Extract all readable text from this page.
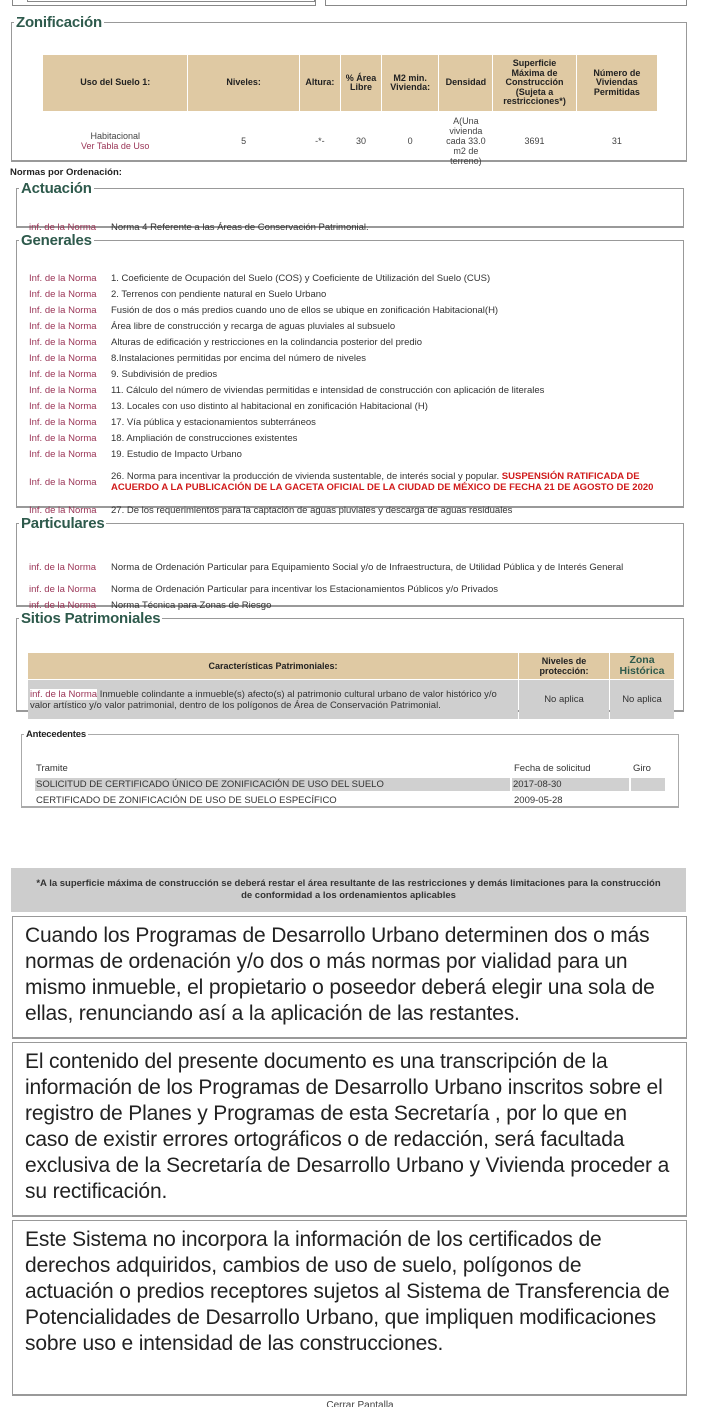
Zonificación
Uso del Suelo 1:	Niveles:	Altura:	% Área Libre	M2 min. Vivienda:	Densidad	Superficie Máxima de Construcción (Sujeta a restricciones*)	Número de Viviendas Permitidas

Habitacional
Ver Tabla de Uso	5	-*-	30	0	A(Una vivienda cada 33.0 m2 de terreno)	3691	31
Normas por Ordenación:
Actuación
inf. de la Norma	Norma 4 Referente a las Áreas de Conservación Patrimonial.
Generales
Inf. de la Norma	1. Coeficiente de Ocupación del Suelo (COS) y Coeficiente de Utilización del Suelo (CUS)
Inf. de la Norma	2. Terrenos con pendiente natural en Suelo Urbano
Inf. de la Norma	Fusión de dos o más predios cuando uno de ellos se ubique en zonificación Habitacional(H)
Inf. de la Norma	Área libre de construcción y recarga de aguas pluviales al subsuelo
Inf. de la Norma	Alturas de edificación y restricciones en la colindancia posterior del predio
Inf. de la Norma	8.Instalaciones permitidas por encima del número de niveles
Inf. de la Norma	9. Subdivisión de predios
Inf. de la Norma	11. Cálculo del número de viviendas permitidas e intensidad de construcción con aplicación de literales
Inf. de la Norma	13. Locales con uso distinto al habitacional en zonificación Habitacional (H)
Inf. de la Norma	17. Vía pública y estacionamientos subterráneos
Inf. de la Norma	18. Ampliación de construcciones existentes
Inf. de la Norma	19. Estudio de Impacto Urbano
Inf. de la Norma	26. Norma para incentivar la producción de vivienda sustentable, de interés social y popular. SUSPENSIÓN RATIFICADA DE ACUERDO A LA PUBLICACIÓN DE LA GACETA OFICIAL DE LA CIUDAD DE MÉXICO DE FECHA 21 DE AGOSTO DE 2020
Inf. de la Norma	27. De los requerimientos para la captación de aguas pluviales y descarga de aguas residuales
Particulares
inf. de la Norma	Norma de Ordenación Particular para Equipamiento Social y/o de Infraestructura, de Utilidad Pública y de Interés General
inf. de la Norma	Norma de Ordenación Particular para incentivar los Estacionamientos Públicos y/o Privados
inf. de la Norma	Norma Técnica para Zonas de Riesgo
Sitios Patrimoniales
Características Patrimoniales:	Niveles de protección:	Zona Histórica
inf. de la Norma Inmueble colindante a inmueble(s) afecto(s) al patrimonio cultural urbano de valor histórico y/o valor artístico y/o valor patrimonial, dentro de los polígonos de Área de Conservación Patrimonial.	No aplica	No aplica
Antecedentes
Tramite	Fecha de solicitud	Giro
SOLICITUD DE CERTIFICADO ÚNICO DE ZONIFICACIÓN DE USO DEL SUELO	2017-08-30
CERTIFICADO DE ZONIFICACIÓN DE USO DE SUELO ESPECÍFICO	2009-05-28
*A la superficie máxima de construcción se deberá restar el área resultante de las restricciones y demás limitaciones para la construcción de conformidad a los ordenamientos aplicables
Cuando los Programas de Desarrollo Urbano determinen dos o más normas de ordenación y/o dos o más normas por vialidad para un mismo inmueble, el propietario o poseedor deberá elegir una sola de ellas, renunciando así a la aplicación de las restantes.
El contenido del presente documento es una transcripción de la información de los Programas de Desarrollo Urbano inscritos sobre el registro de Planes y Programas de esta Secretaría , por lo que en caso de existir errores ortográficos o de redacción, será facultada exclusiva de la Secretaría de Desarrollo Urbano y Vivienda proceder a su rectificación.
Este Sistema no incorpora la información de los certificados de derechos adquiridos, cambios de uso de suelo, polígonos de actuación o predios receptores sujetos al Sistema de Transferencia de Potencialidades de Desarrollo Urbano, que impliquen modificaciones sobre uso e intensidad de las construcciones.
Cerrar Pantalla
